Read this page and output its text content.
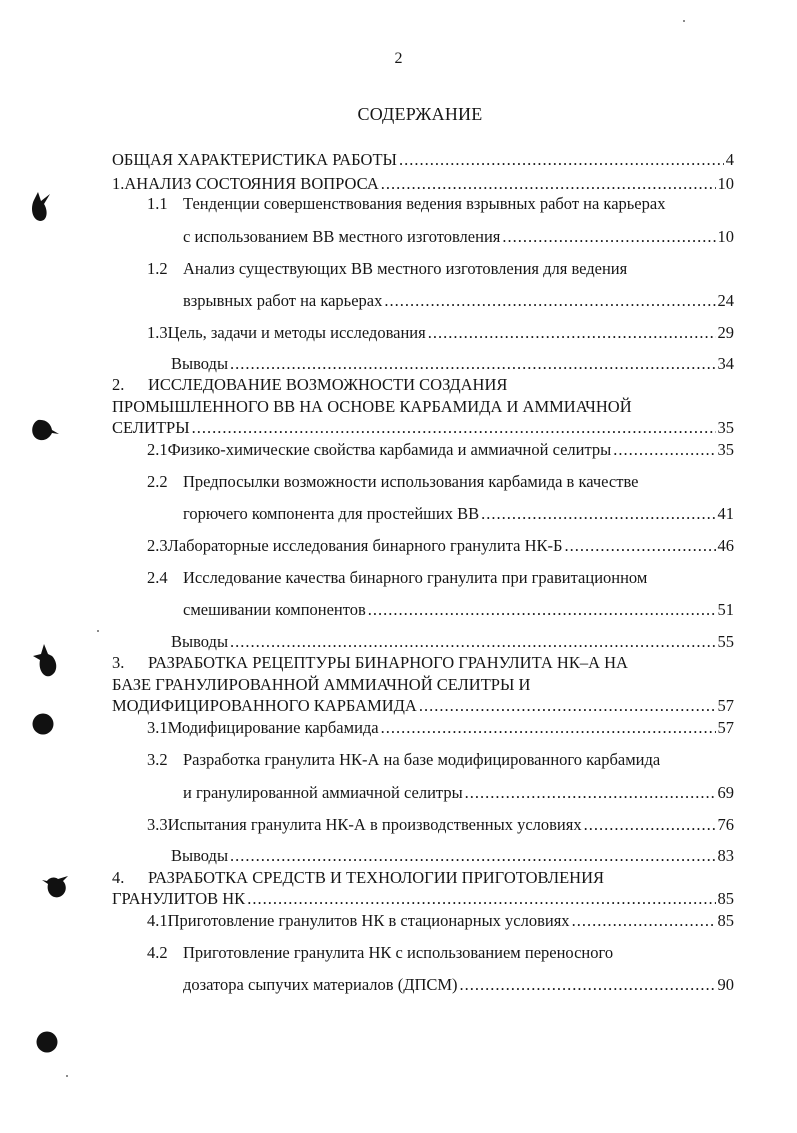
2
СОДЕРЖАНИЕ
ОБЩАЯ ХАРАКТЕРИСТИКА РАБОТЫ .....	4
1. АНАЛИЗ СОСТОЯНИЯ ВОПРОСА .....	10
1.1 Тенденции совершенствования ведения взрывных работ на карьерах
с использованием ВВ местного изготовления .....	10
1.2 Анализ существующих ВВ местного изготовления для ведения
взрывных работ на карьерах .....	24
1.3 Цель, задачи и методы исследования .....	29
Выводы .....	34
2. ИССЛЕДОВАНИЕ ВОЗМОЖНОСТИ СОЗДАНИЯ
ПРОМЫШЛЕННОГО ВВ НА ОСНОВЕ КАРБАМИДА И АММИАЧНОЙ
СЕЛИТРЫ .....	35
2.1 Физико-химические свойства карбамида и аммиачной селитры .....	35
2.2 Предпосылки возможности использования карбамида в качестве
горючего компонента для простейших ВВ .....	41
2.3 Лабораторные исследования бинарного гранулита НК-Б .....	46
2.4 Исследование качества бинарного гранулита при гравитационном
смешивании компонентов .....	51
Выводы .....	55
3. РАЗРАБОТКА РЕЦЕПТУРЫ БИНАРНОГО ГРАНУЛИТА НК–А НА
БАЗЕ ГРАНУЛИРОВАННОЙ АММИАЧНОЙ СЕЛИТРЫ И
МОДИФИЦИРОВАННОГО КАРБАМИДА .....	57
3.1 Модифицирование карбамида .....	57
3.2 Разработка гранулита НК-А на базе модифицированного карбамида
и гранулированной аммиачной селитры .....	69
3.3 Испытания гранулита НК-А в производственных условиях .....	76
Выводы .....	83
4. РАЗРАБОТКА СРЕДСТВ И ТЕХНОЛОГИИ ПРИГОТОВЛЕНИЯ
ГРАНУЛИТОВ НК .....	85
4.1 Приготовление гранулитов НК в стационарных условиях .....	85
4.2 Приготовление гранулита НК с использованием переносного
дозатора сыпучих материалов (ДПСМ) .....	90
